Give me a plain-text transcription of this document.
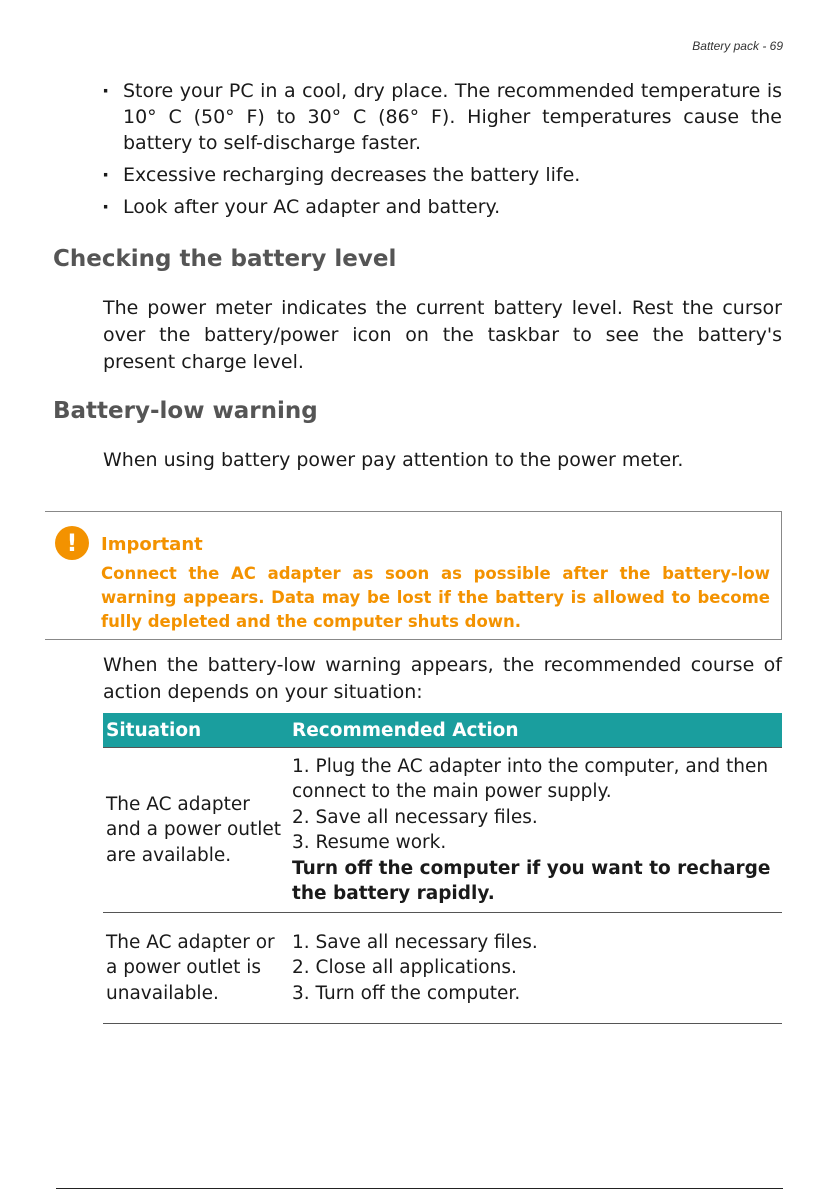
Battery pack - 69
· Store your PC in a cool, dry place. The recommended temperature is 10° C (50° F) to 30° C (86° F). Higher temperatures cause the battery to self-discharge faster.
· Excessive recharging decreases the battery life.
· Look after your AC adapter and battery.
Checking the battery level

The power meter indicates the current battery level. Rest the cursor over the battery/power icon on the taskbar to see the battery's present charge level.

Battery-low warning

When using battery power pay attention to the power meter.

!	Important

Connect the AC adapter as soon as possible after the battery-low warning appears. Data may be lost if the battery is allowed to become fully depleted and the computer shuts down.

When the battery-low warning appears, the recommended course of action depends on your situation:

Situation	Recommended Action
The AC adapter and a power outlet are available.	1. Plug the AC adapter into the computer, and then connect to the main power supply.
2. Save all necessary files.
3. Resume work.
Turn off the computer if you want to recharge the battery rapidly.

The AC adapter or a power outlet is unavailable.	1. Save all necessary files.
2. Close all applications.
3. Turn off the computer.
